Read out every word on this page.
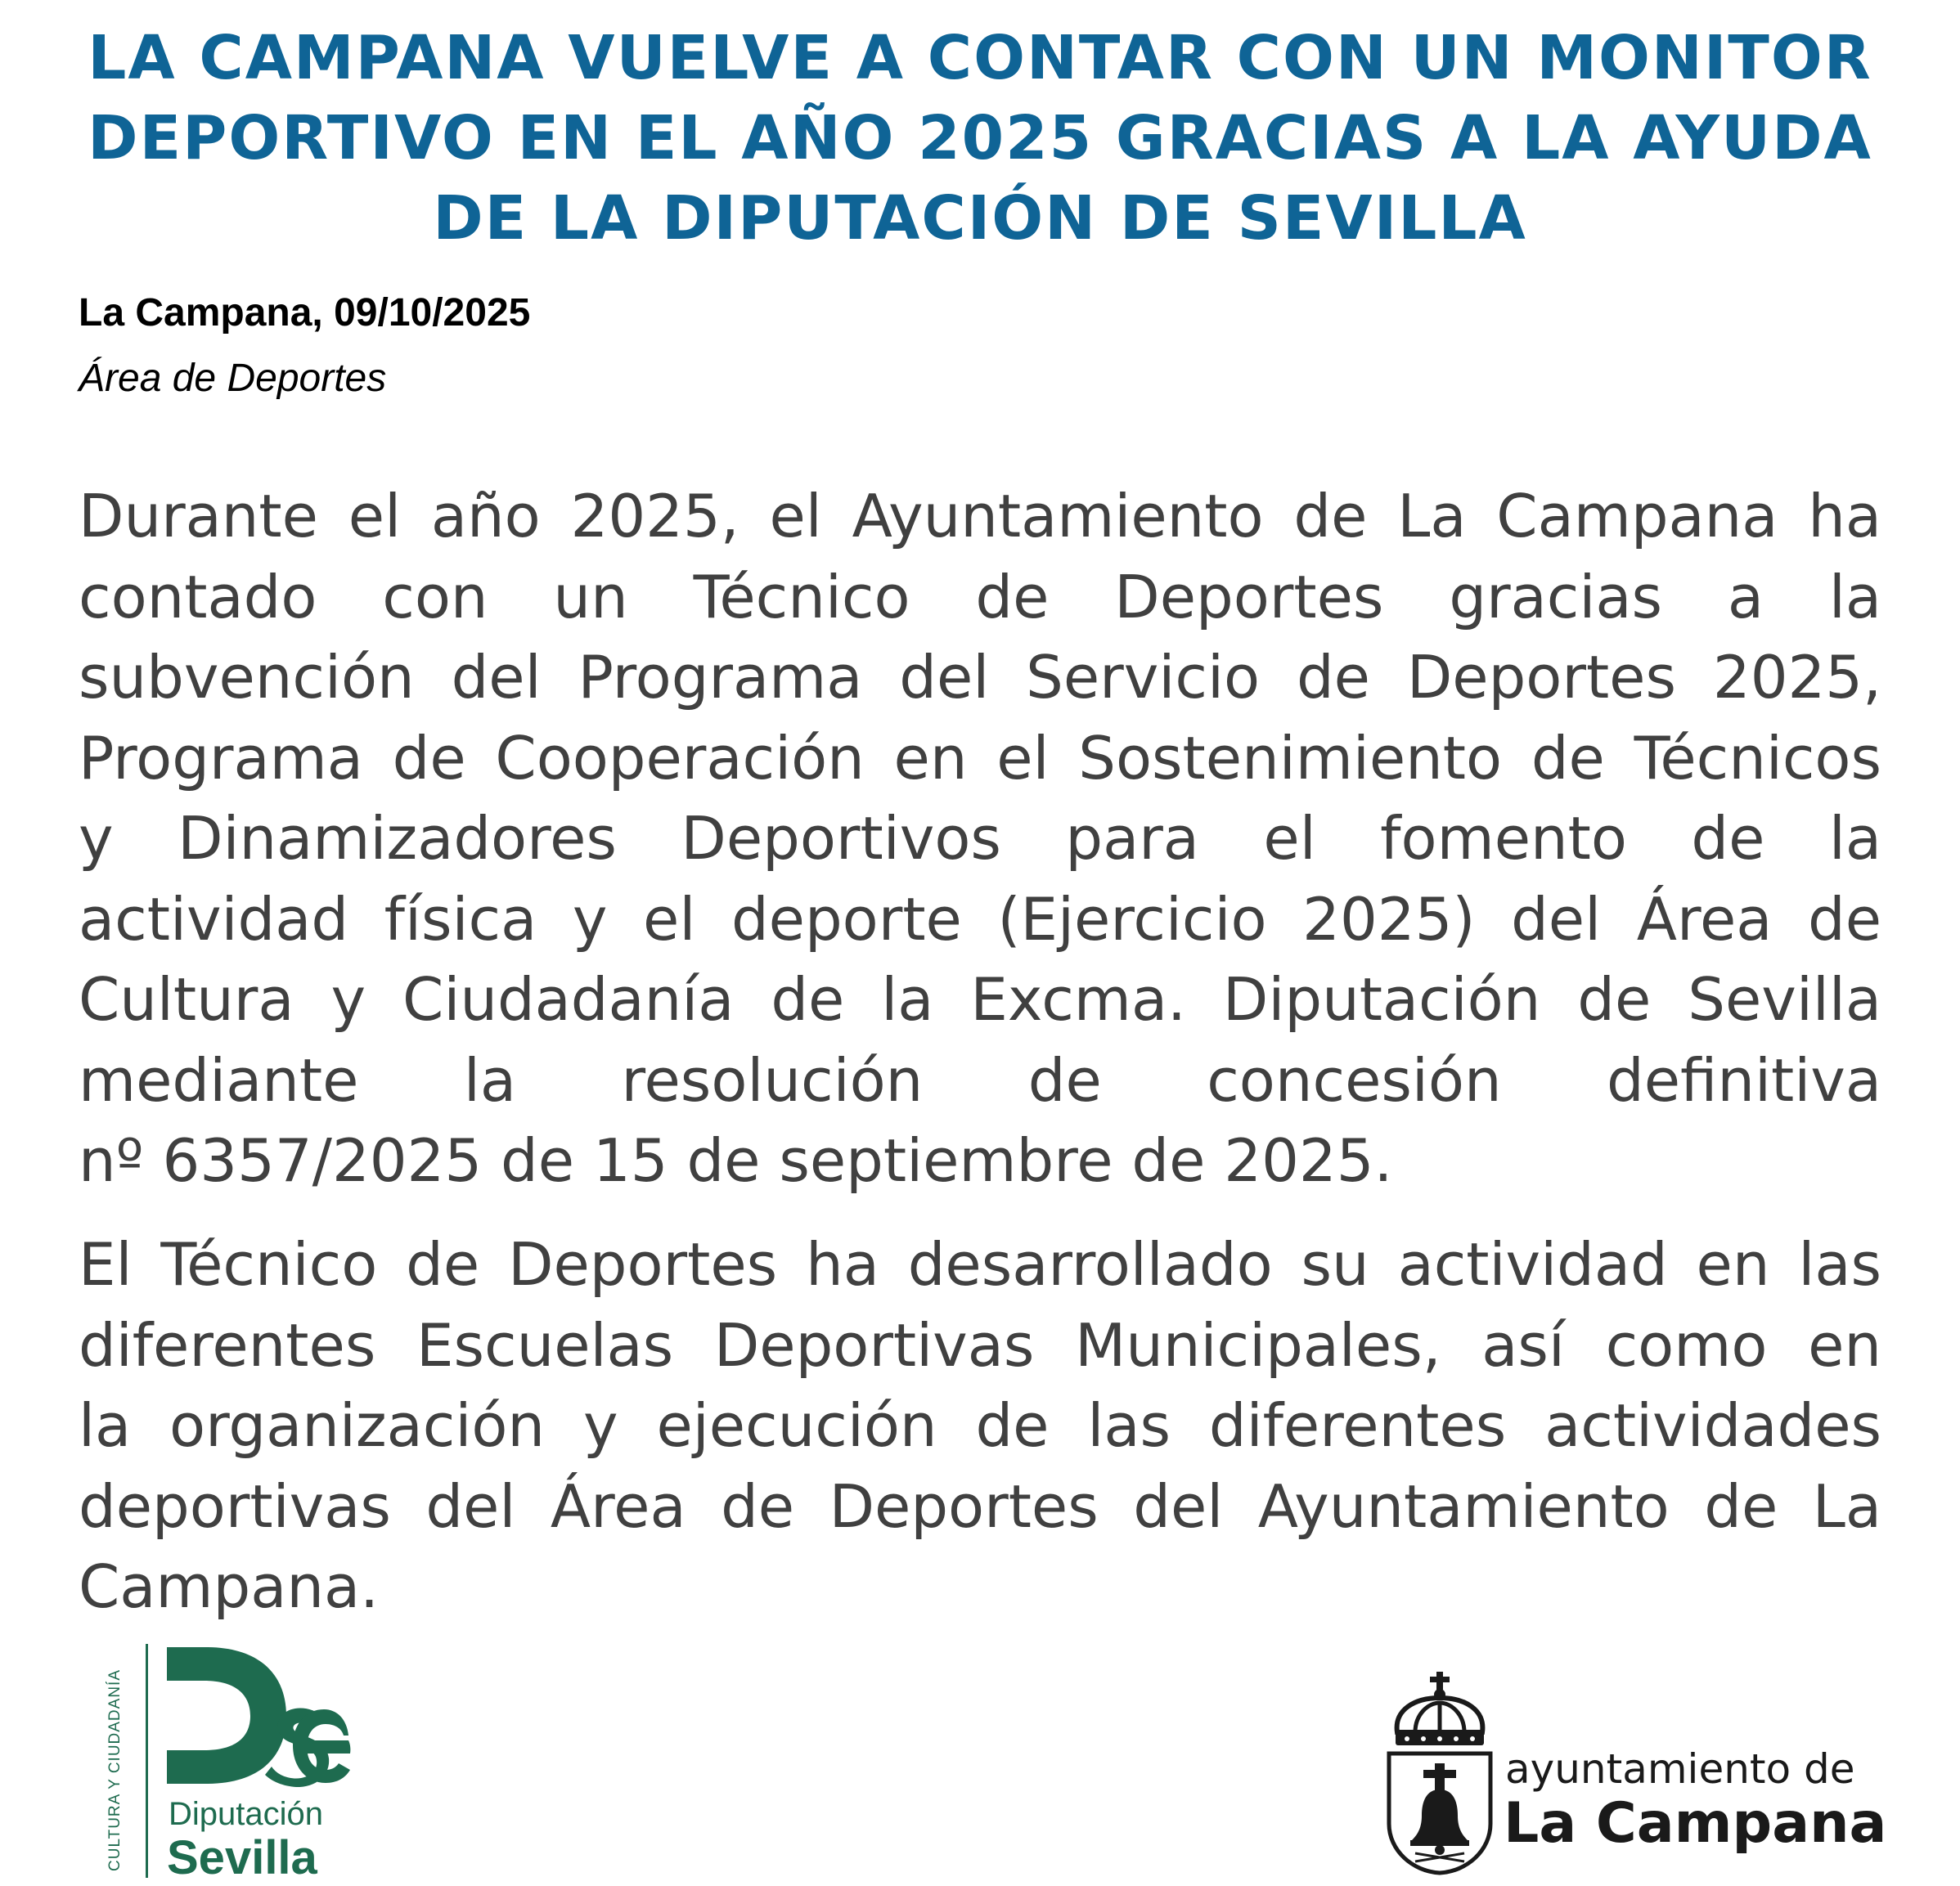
LA CAMPANA VUELVE A CONTAR CON UN MONITOR
DEPORTIVO EN EL AÑO 2025 GRACIAS A LA AYUDA
DE LA DIPUTACIÓN DE SEVILLA
La Campana, 09/10/2025
Área de Deportes
Durante el año 2025, el Ayuntamiento de La Campana ha
contado con un Técnico de Deportes gracias a la
subvención del Programa del Servicio de Deportes 2025,
Programa de Cooperación en el Sostenimiento de Técnicos
y Dinamizadores Deportivos para el fomento de la
actividad física y el deporte (Ejercicio 2025) del Área de
Cultura y Ciudadanía de la Excma. Diputación de Sevilla
mediante la resolución de concesión definitiva
nº 6357/2025 de 15 de septiembre de 2025.
El Técnico de Deportes ha desarrollado su actividad en las
diferentes Escuelas Deportivas Municipales, así como en
la organización y ejecución de las diferentes actividades
deportivas del Área de Deportes del Ayuntamiento de La
Campana.
CULTURA Y CIUDADANÍA Diputación
Sevilla
ayuntamiento de
La Campana
